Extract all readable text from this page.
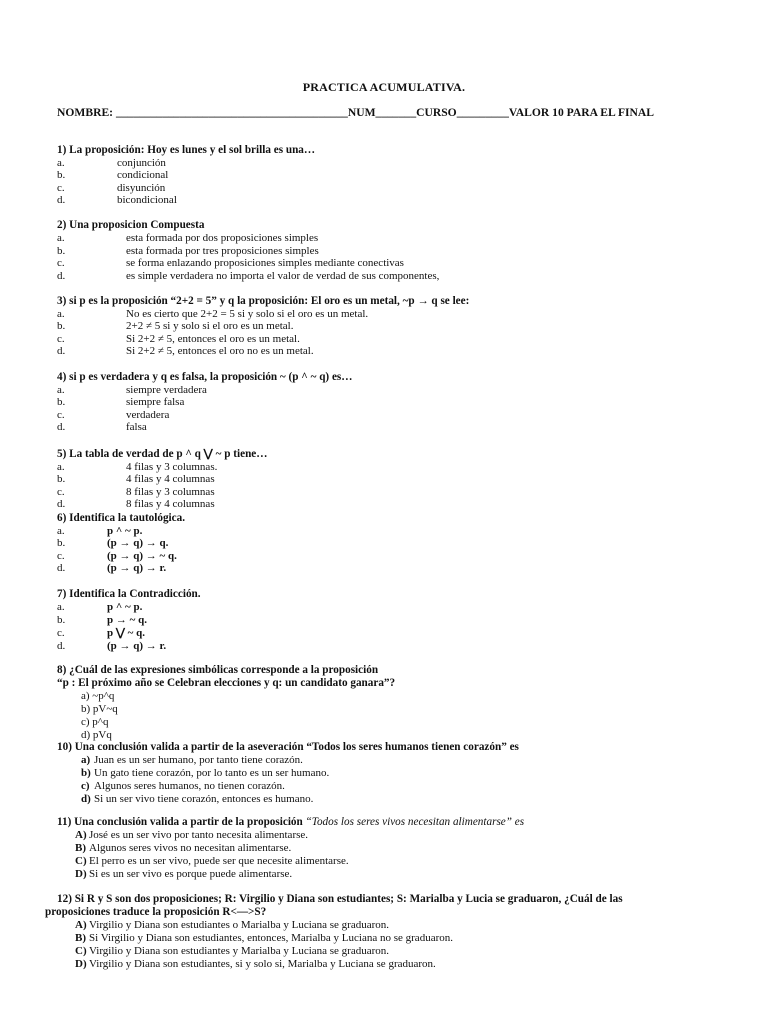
PRACTICA ACUMULATIVA.
NOMBRE: ________________________________________NUM_______CURSO_________VALOR 10 PARA EL FINAL
1) La proposición: Hoy es lunes y el sol brilla es una…
a.	conjunción
b.	condicional
c.	disyunción
d.	bicondicional
2) Una proposicion Compuesta
a.	esta formada por dos proposiciones simples
b.	esta formada por tres proposiciones simples
c.	se forma enlazando proposiciones simples mediante conectivas
d.	es simple verdadera no importa el valor de verdad de sus componentes,
3) si p es la proposición “2+2 = 5” y q la proposición: El oro es un metal, ~p → q se lee:
a.	No es cierto que 2+2 = 5 si y solo si el oro es un metal.
b.	2+2 ≠ 5 si y solo si el oro es un metal.
c.	Si 2+2 ≠ 5, entonces el oro es un metal.
d.	Si 2+2 ≠ 5, entonces el oro no es un metal.
4) si p es verdadera y q es falsa, la proposición ~ (p ^ ~ q) es…
a.	siempre verdadera
b.	siempre falsa
c.	verdadera
d.	falsa
5) La tabla de verdad de p ^ q ⋁ ~ p tiene…
a.	4 filas y 3 columnas.
b.	4 filas y 4 columnas
c.	8 filas y 3 columnas
d.	8 filas y 4 columnas
6) Identifica la tautológica.
a.	p ^ ~ p.
b.	(p → q) → q.
c.	(p → q) → ~ q.
d.	(p → q) → r.
7) Identifica la Contradicción.
a.	p ^ ~ p.
b.	p → ~ q.
c.	p ⋁ ~ q.
d.	(p → q) → r.
8) ¿Cuál de las expresiones simbólicas corresponde a la proposición
“p : El próximo año se Celebran elecciones y q: un candidato ganara”?
a) ~p^q
b) pV~q
c) p^q
d) pVq
10) Una conclusión valida a partir de la aseveración “Todos los seres humanos tienen corazón” es
a) Juan es un ser humano, por tanto tiene corazón.
b) Un gato tiene corazón, por lo tanto es un ser humano.
c) Algunos seres humanos, no tienen corazón.
d) Si un ser vivo tiene corazón, entonces es humano.
11) Una conclusión valida a partir de la proposición “Todos los seres vivos necesitan alimentarse” es
A) José es un ser vivo por tanto necesita alimentarse.
B) Algunos seres vivos no necesitan alimentarse.
C) El perro es un ser vivo, puede ser que necesite alimentarse.
D) Si es un ser vivo es porque puede alimentarse.
12) Si R y S son dos proposiciones; R: Virgilio y Diana son estudiantes; S: Marialba y Lucia se graduaron, ¿Cuál de las
proposiciones traduce la proposición R<—>S?
A) Virgilio y Diana son estudiantes o Marialba y Luciana se graduaron.
B) Si Virgilio y Diana son estudiantes, entonces, Marialba y Luciana no se graduaron.
C) Virgilio y Diana son estudiantes y Marialba y Luciana se graduaron.
D) Virgilio y Diana son estudiantes, si y solo si, Marialba y Luciana se graduaron.
